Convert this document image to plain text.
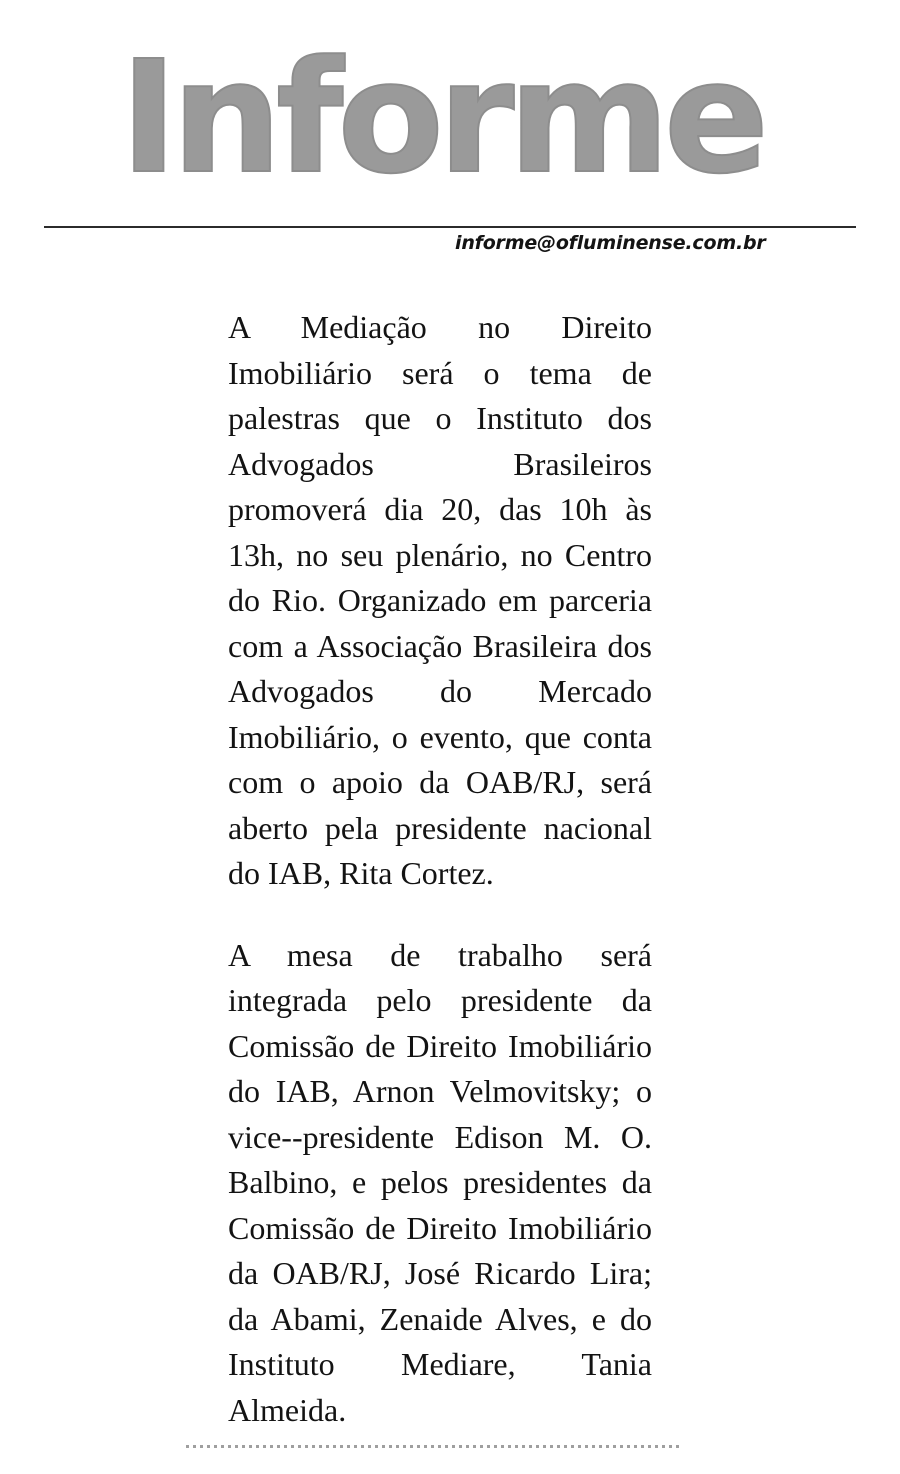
Informe
informe@ofluminense.com.br

A Mediação no Direito Imobiliário será o tema de palestras que o Instituto dos Advogados Brasileiros promoverá dia 20, das 10h às 13h, no seu plenário, no Centro do Rio. Organizado em parceria com a Associação Brasileira dos Advogados do Mercado Imobiliário, o evento, que conta com o apoio da OAB/RJ, será aberto pela presidente nacional do IAB, Rita Cortez.

A mesa de trabalho será integrada pelo presidente da Comissão de Direito Imobiliário do IAB, Arnon Velmovitsky; o vice--presidente Edison M. O. Balbino, e pelos presidentes da Comissão de Direito Imobiliário da OAB/RJ, José Ricardo Lira; da Abami, Zenaide Alves, e do Instituto Mediare, Tania Almeida.
